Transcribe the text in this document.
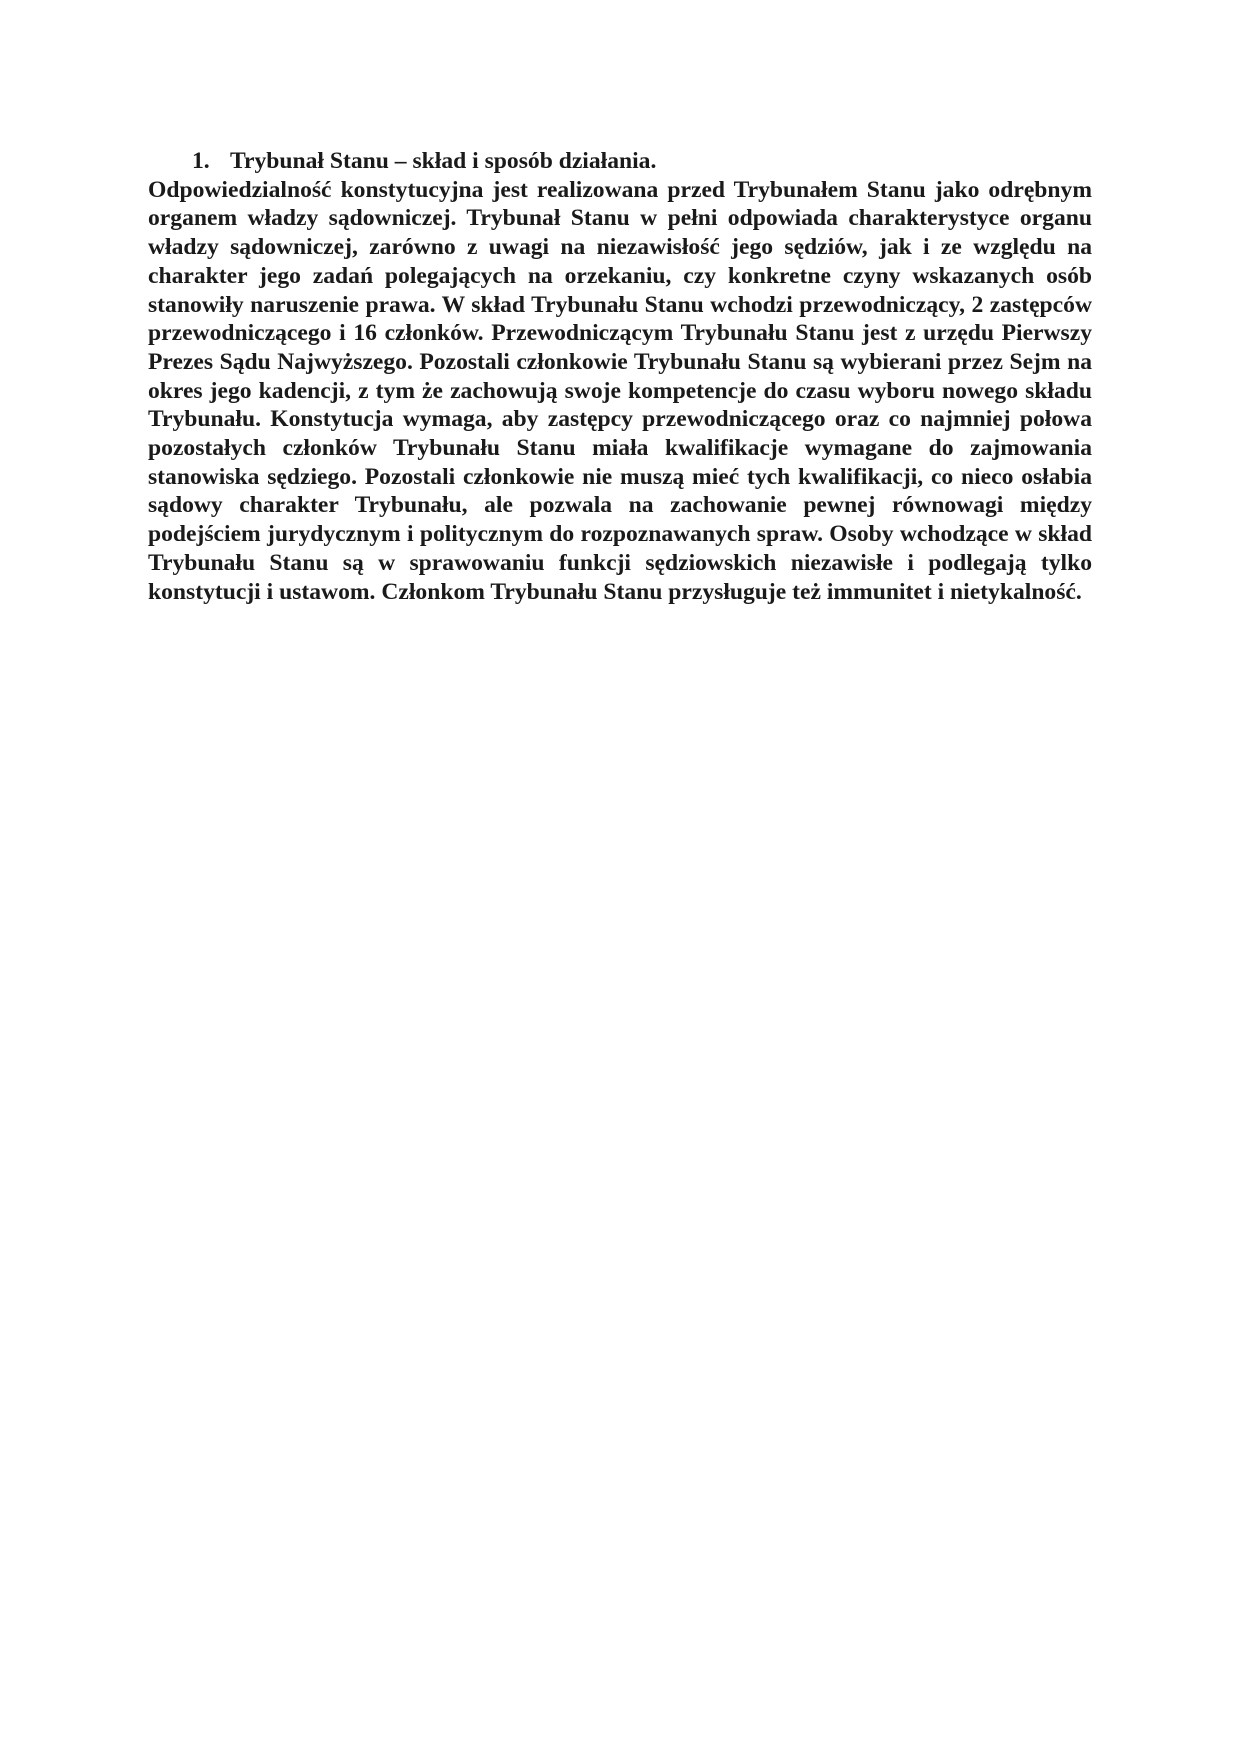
1. Trybunał Stanu – skład i sposób działania.

Odpowiedzialność konstytucyjna jest realizowana przed Trybunałem Stanu jako odrębnym organem władzy sądowniczej. Trybunał Stanu w pełni odpowiada charakterystyce organu władzy sądowniczej, zarówno z uwagi na niezawisłość jego sędziów, jak i ze względu na charakter jego zadań polegających na orzekaniu, czy konkretne czyny wskazanych osób stanowiły naruszenie prawa. W skład Trybunału Stanu wchodzi przewodniczący, 2 zastępców przewodniczącego i 16 członków. Przewodniczącym Trybunału Stanu jest z urzędu Pierwszy Prezes Sądu Najwyższego. Pozostali członkowie Trybunału Stanu są wybierani przez Sejm na okres jego kadencji, z tym że zachowują swoje kompetencje do czasu wyboru nowego składu Trybunału. Konstytucja wymaga, aby zastępcy przewodniczącego oraz co najmniej połowa pozostałych członków Trybunału Stanu miała kwalifikacje wymagane do zajmowania stanowiska sędziego. Pozostali członkowie nie muszą mieć tych kwalifikacji, co nieco osłabia sądowy charakter Trybunału, ale pozwala na zachowanie pewnej równowagi między podejściem jurydycznym i politycznym do rozpoznawanych spraw. Osoby wchodzące w skład Trybunału Stanu są w sprawowaniu funkcji sędziowskich niezawisłe i podlegają tylko konstytucji i ustawom. Członkom Trybunału Stanu przysługuje też immunitet i nietykalność.
